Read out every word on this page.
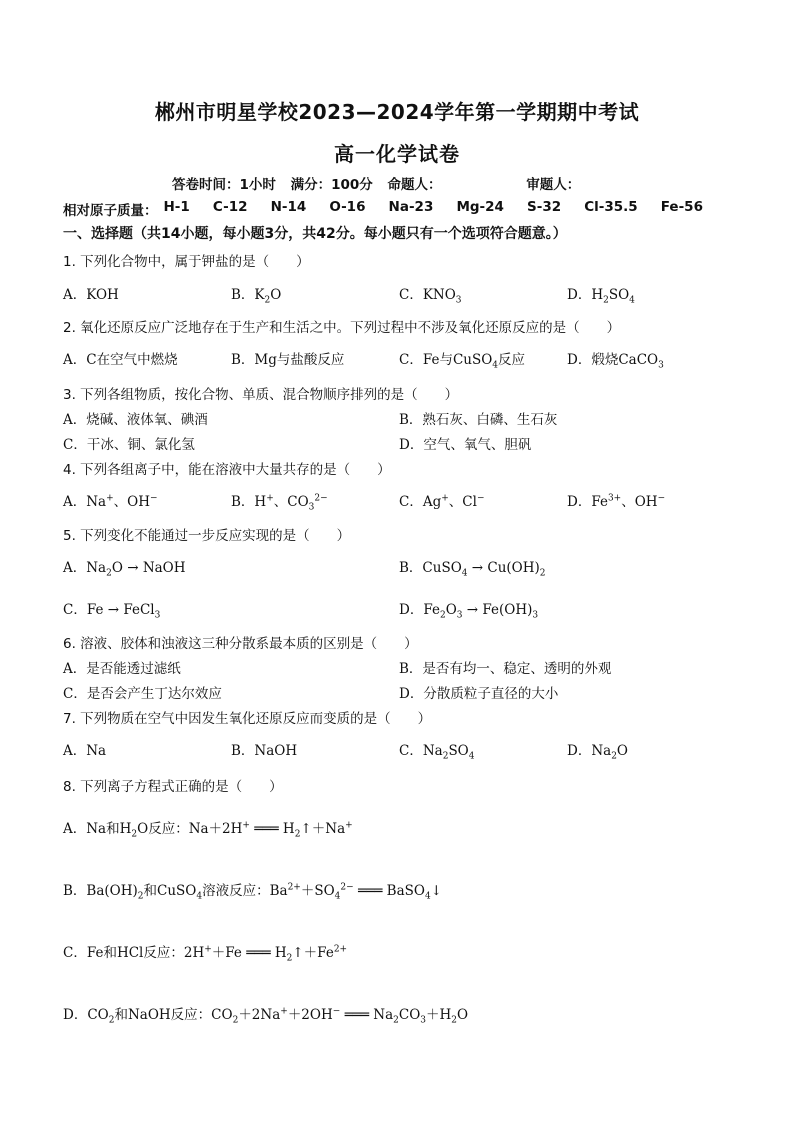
郴州市明星学校2023—2024学年第一学期期中考试
高一化学试卷
答卷时间：1小时 满分：100分 命题人：	审题人：
相对原子质量： H-1	C-12	N-14	O-16	Na-23	Mg-24	S-32	Cl-35.5	Fe-56
一、选择题（共14小题，每小题3分，共42分。每小题只有一个选项符合题意。）
1. 下列化合物中，属于钾盐的是（　　）
A．KOH	B．$K_2O$	C．$KNO_3$	D．$H_2SO_4$
2. 氧化还原反应广泛地存在于生产和生活之中。下列过程中不涉及氧化还原反应的是（　　）
A．C在空气中燃烧	B．Mg与盐酸反应	C．Fe与CuSO$_4$反应	D．煅烧CaCO$_3$
3. 下列各组物质，按化合物、单质、混合物顺序排列的是（　　）
A．烧碱、液体氧、碘酒	B．熟石灰、白磷、生石灰
C．干冰、铜、氯化氢	D．空气、氧气、胆矾
4. 下列各组离子中，能在溶液中大量共存的是（　　）
A．Na+、OH−	B．H+、$CO_3^{2-}$	C．Ag+、Cl−	D．$Fe^{3+}$、OH−
5. 下列变化不能通过一步反应实现的是（　　）
A．$Na_2O$ → NaOH	B．CuSO$_4$ → $Cu(OH)_2$
C．Fe → FeCl$_3$	D．$Fe_2O_3 \to Fe(OH)_3$
6. 溶液、胶体和浊液这三种分散系最本质的区别是（　　）
A．是否能透过滤纸	B．是否有均一、稳定、透明的外观
C．是否会产生丁达尔效应	D．分散质粒子直径的大小
7. 下列物质在空气中因发生氧化还原反应而变质的是（　　）
A．Na	B．NaOH	C．$Na_2SO_4$	D．$Na_2O$
8. 下列离子方程式正确的是（　　）
A．Na和$H_2O$反应：Na＋2H+ ═══ $H_2↑+Na^+$
B．$Ba(OH)_2$和CuSO$_4$溶液反应：$Ba^{2+}+SO_4^{2-}$ ═══ BaSO$_4$↓
C．Fe和HCl反应：2H+＋Fe ═══ $H_2↑+Fe^{2+}$
D．$CO_2$和NaOH反应：$CO_2+2Na^++2OH^-$ ═══ $Na_2CO_3+H_2O$
